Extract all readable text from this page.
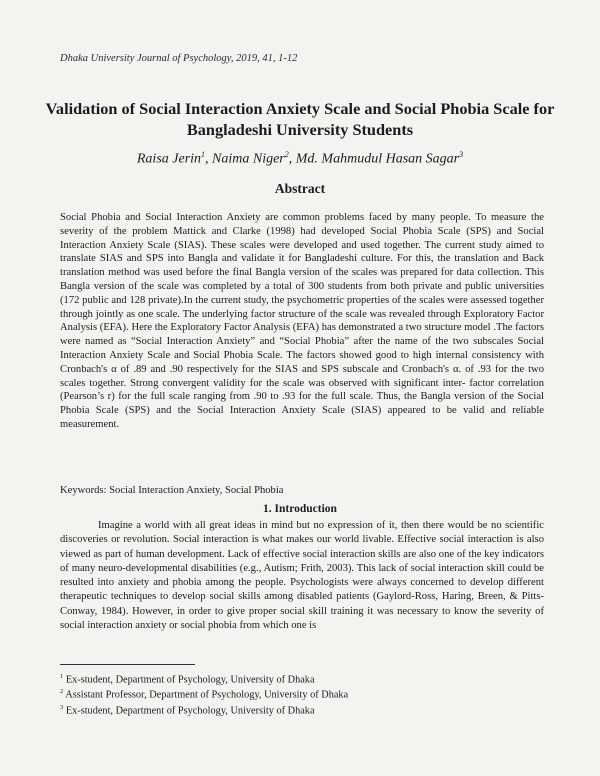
Dhaka University Journal of Psychology, 2019, 41, 1-12
Validation of Social Interaction Anxiety Scale and Social Phobia Scale for Bangladeshi University Students
Raisa Jerin$^1$, Naima Niger$^2$, Md. Mahmudul Hasan Sagar$^3$
Abstract
Social Phobia and Social Interaction Anxiety are common problems faced by many people. To measure the severity of the problem Mattick and Clarke (1998) had developed Social Phobia Scale (SPS) and Social Interaction Anxiety Scale (SIAS). These scales were developed and used together. The current study aimed to translate SIAS and SPS into Bangla and validate it for Bangladeshi culture. For this, the translation and Back translation method was used before the final Bangla version of the scales was prepared for data collection. This Bangla version of the scale was completed by a total of 300 students from both private and public universities (172 public and 128 private).In the current study, the psychometric properties of the scales were assessed together through jointly as one scale. The underlying factor structure of the scale was revealed through Exploratory Factor Analysis (EFA). Here the Exploratory Factor Analysis (EFA) has demonstrated a two structure model .The factors were named as “Social Interaction Anxiety” and “Social Phobia” after the name of the two subscales Social Interaction Anxiety Scale and Social Phobia Scale. The factors showed good to high internal consistency with Cronbach's α of .89 and .90 respectively for the SIAS and SPS subscale and Cronbach's α. of .93 for the two scales together. Strong convergent validity for the scale was observed with significant inter- factor correlation (Pearson’s r) for the full scale ranging from .90 to .93 for the full scale. Thus, the Bangla version of the Social Phobia Scale (SPS) and the Social Interaction Anxiety Scale (SIAS) appeared to be valid and reliable measurement.
Keywords: Social Interaction Anxiety, Social Phobia
1. Introduction
Imagine a world with all great ideas in mind but no expression of it, then there would be no scientific discoveries or revolution. Social interaction is what makes our world livable. Effective social interaction is also viewed as part of human development. Lack of effective social interaction skills are also one of the key indicators of many neuro-developmental disabilities (e.g., Autism; Frith, 2003). This lack of social interaction skill could be resulted into anxiety and phobia among the people. Psychologists were always concerned to develop different therapeutic techniques to develop social skills among disabled patients (Gaylord-Ross, Haring, Breen, & Pitts-Conway, 1984). However, in order to give proper social skill training it was necessary to know the severity of social interaction anxiety or social phobia from which one is
$^1$ Ex-student, Department of Psychology, University of Dhaka
$^2$ Assistant Professor, Department of Psychology, University of Dhaka
$^3$ Ex-student, Department of Psychology, University of Dhaka
